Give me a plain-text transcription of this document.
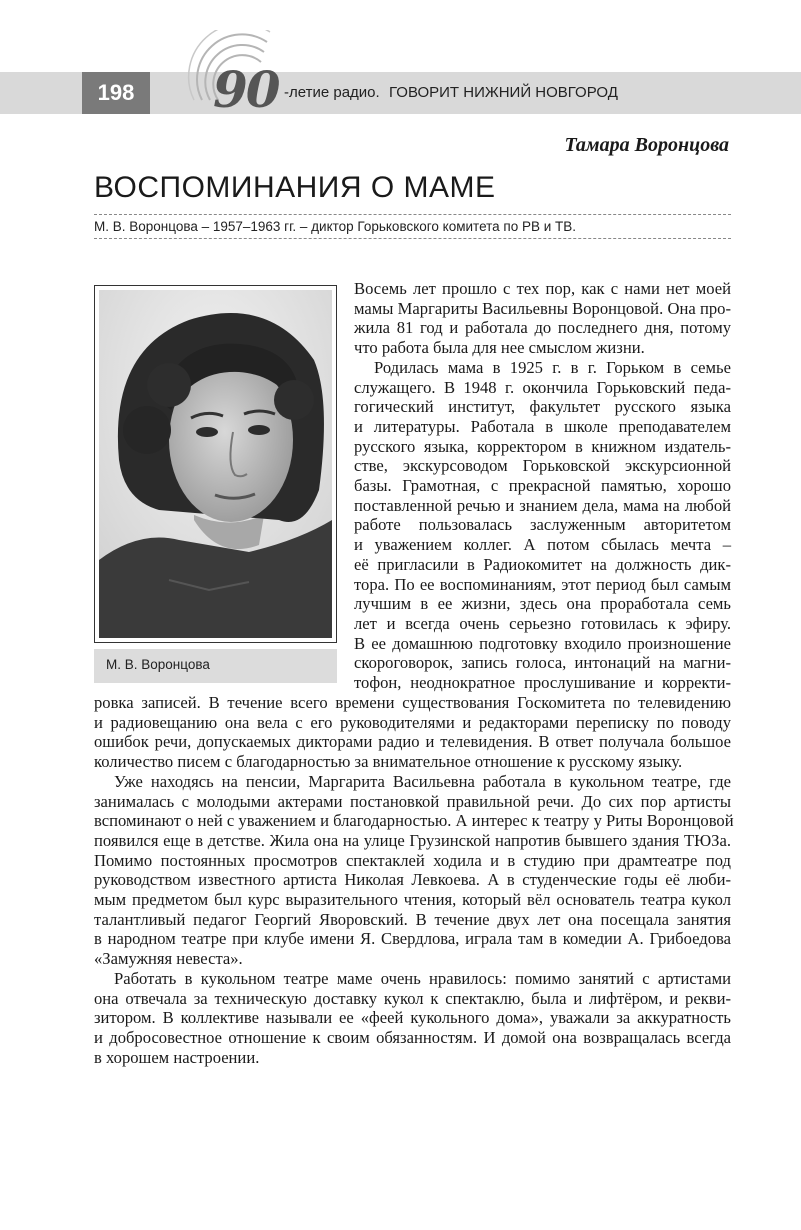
198	90 -летие радио. ГОВОРИТ НИЖНИЙ НОВГОРОД
Тамара Воронцова
ВОСПОМИНАНИЯ О МАМЕ
М. В. Воронцова – 1957–1963 гг. – диктор Горьковского комитета по РВ и ТВ.
М. В. Воронцова
Восемь лет прошло с тех пор, как с нами нет моей
мамы Маргариты Васильевны Воронцовой. Она про-
жила 81 год и работала до последнего дня, потому
что работа была для нее смыслом жизни.
Родилась мама в 1925 г. в г. Горьком в семье
служащего. В 1948 г. окончила Горьковский педа-
гогический институт, факультет русского языка
и литературы. Работала в школе преподавателем
русского языка, корректором в книжном издатель-
стве, экскурсоводом Горьковской экскурсионной
базы. Грамотная, с прекрасной памятью, хорошо
поставленной речью и знанием дела, мама на любой
работе пользовалась заслуженным авторитетом
и уважением коллег. А потом сбылась мечта –
её пригласили в Радиокомитет на должность дик-
тора. По ее воспоминаниям, этот период был самым
лучшим в ее жизни, здесь она проработала семь
лет и всегда очень серьезно готовилась к эфиру.
В ее домашнюю подготовку входило произношение
скороговорок, запись голоса, интонаций на магни-
тофон, неоднократное прослушивание и корректи-
ровка записей. В течение всего времени существования Госкомитета по телевидению
и радиовещанию она вела с его руководителями и редакторами переписку по поводу
ошибок речи, допускаемых дикторами радио и телевидения. В ответ получала большое
количество писем с благодарностью за внимательное отношение к русскому языку.
Уже находясь на пенсии, Маргарита Васильевна работала в кукольном театре, где
занималась с молодыми актерами постановкой правильной речи. До сих пор артисты
вспоминают о ней с уважением и благодарностью. А интерес к театру у Риты Воронцовой
появился еще в детстве. Жила она на улице Грузинской напротив бывшего здания ТЮЗа.
Помимо постоянных просмотров спектаклей ходила и в студию при драмтеатре под
руководством известного артиста Николая Левкоева. А в студенческие годы её люби-
мым предметом был курс выразительного чтения, который вёл основатель театра кукол
талантливый педагог Георгий Яворовский. В течение двух лет она посещала занятия
в народном театре при клубе имени Я. Свердлова, играла там в комедии А. Грибоедова
«Замужняя невеста».
Работать в кукольном театре маме очень нравилось: помимо занятий с артистами
она отвечала за техническую доставку кукол к спектаклю, была и лифтёром, и рекви-
зитором. В коллективе называли ее «феей кукольного дома», уважали за аккуратность
и добросовестное отношение к своим обязанностям. И домой она возвращалась всегда
в хорошем настроении.
